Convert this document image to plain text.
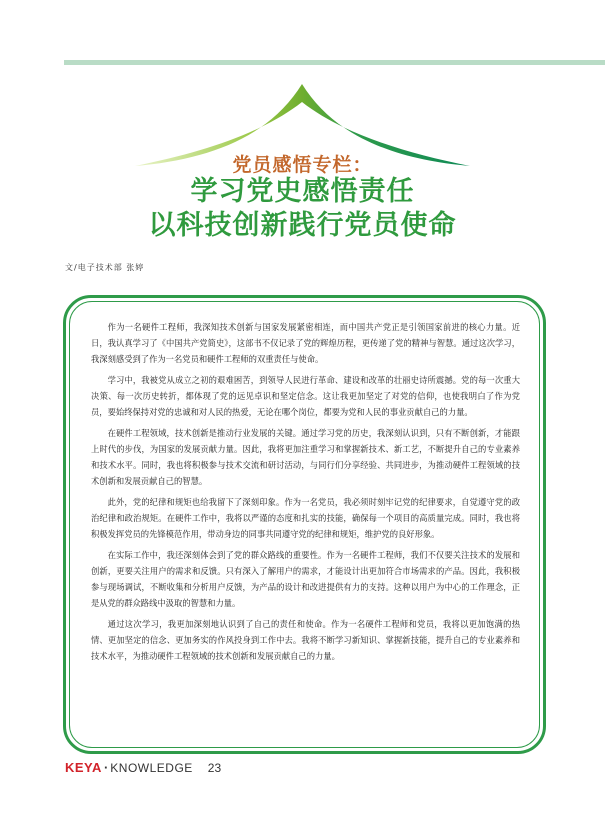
党员感悟专栏：
学习党史感悟责任
以科技创新践行党员使命
文/电子技术部 张婷

作为一名硬件工程师，我深知技术创新与国家发展紧密相连，而中国共产党正是引领国家前进的核心力量。近日，我认真学习了《中国共产党简史》，这部书不仅记录了党的辉煌历程，更传递了党的精神与智慧。通过这次学习，我深刻感受到了作为一名党员和硬件工程师的双重责任与使命。

学习中，我被党从成立之初的艰难困苦，到领导人民进行革命、建设和改革的壮丽史诗所震撼。党的每一次重大决策、每一次历史转折，都体现了党的远见卓识和坚定信念。这让我更加坚定了对党的信仰，也使我明白了作为党员，要始终保持对党的忠诚和对人民的热爱，无论在哪个岗位，都要为党和人民的事业贡献自己的力量。

在硬件工程领域，技术创新是推动行业发展的关键。通过学习党的历史，我深刻认识到，只有不断创新，才能跟上时代的步伐，为国家的发展贡献力量。因此，我将更加注重学习和掌握新技术、新工艺，不断提升自己的专业素养和技术水平。同时，我也将积极参与技术交流和研讨活动，与同行们分享经验、共同进步，为推动硬件工程领域的技术创新和发展贡献自己的智慧。

此外，党的纪律和规矩也给我留下了深刻印象。作为一名党员，我必须时刻牢记党的纪律要求，自觉遵守党的政治纪律和政治规矩。在硬件工作中，我将以严谨的态度和扎实的技能，确保每一个项目的高质量完成。同时，我也将积极发挥党员的先锋模范作用，带动身边的同事共同遵守党的纪律和规矩，维护党的良好形象。

在实际工作中，我还深刻体会到了党的群众路线的重要性。作为一名硬件工程师，我们不仅要关注技术的发展和创新，更要关注用户的需求和反馈。只有深入了解用户的需求，才能设计出更加符合市场需求的产品。因此，我积极参与现场调试，不断收集和分析用户反馈，为产品的设计和改进提供有力的支持。这种以用户为中心的工作理念，正是从党的群众路线中汲取的智慧和力量。

通过这次学习，我更加深刻地认识到了自己的责任和使命。作为一名硬件工程师和党员，我将以更加饱满的热情、更加坚定的信念、更加务实的作风投身到工作中去。我将不断学习新知识、掌握新技能，提升自己的专业素养和技术水平，为推动硬件工程领域的技术创新和发展贡献自己的力量。

KEYA · KNOWLEDGE 23
